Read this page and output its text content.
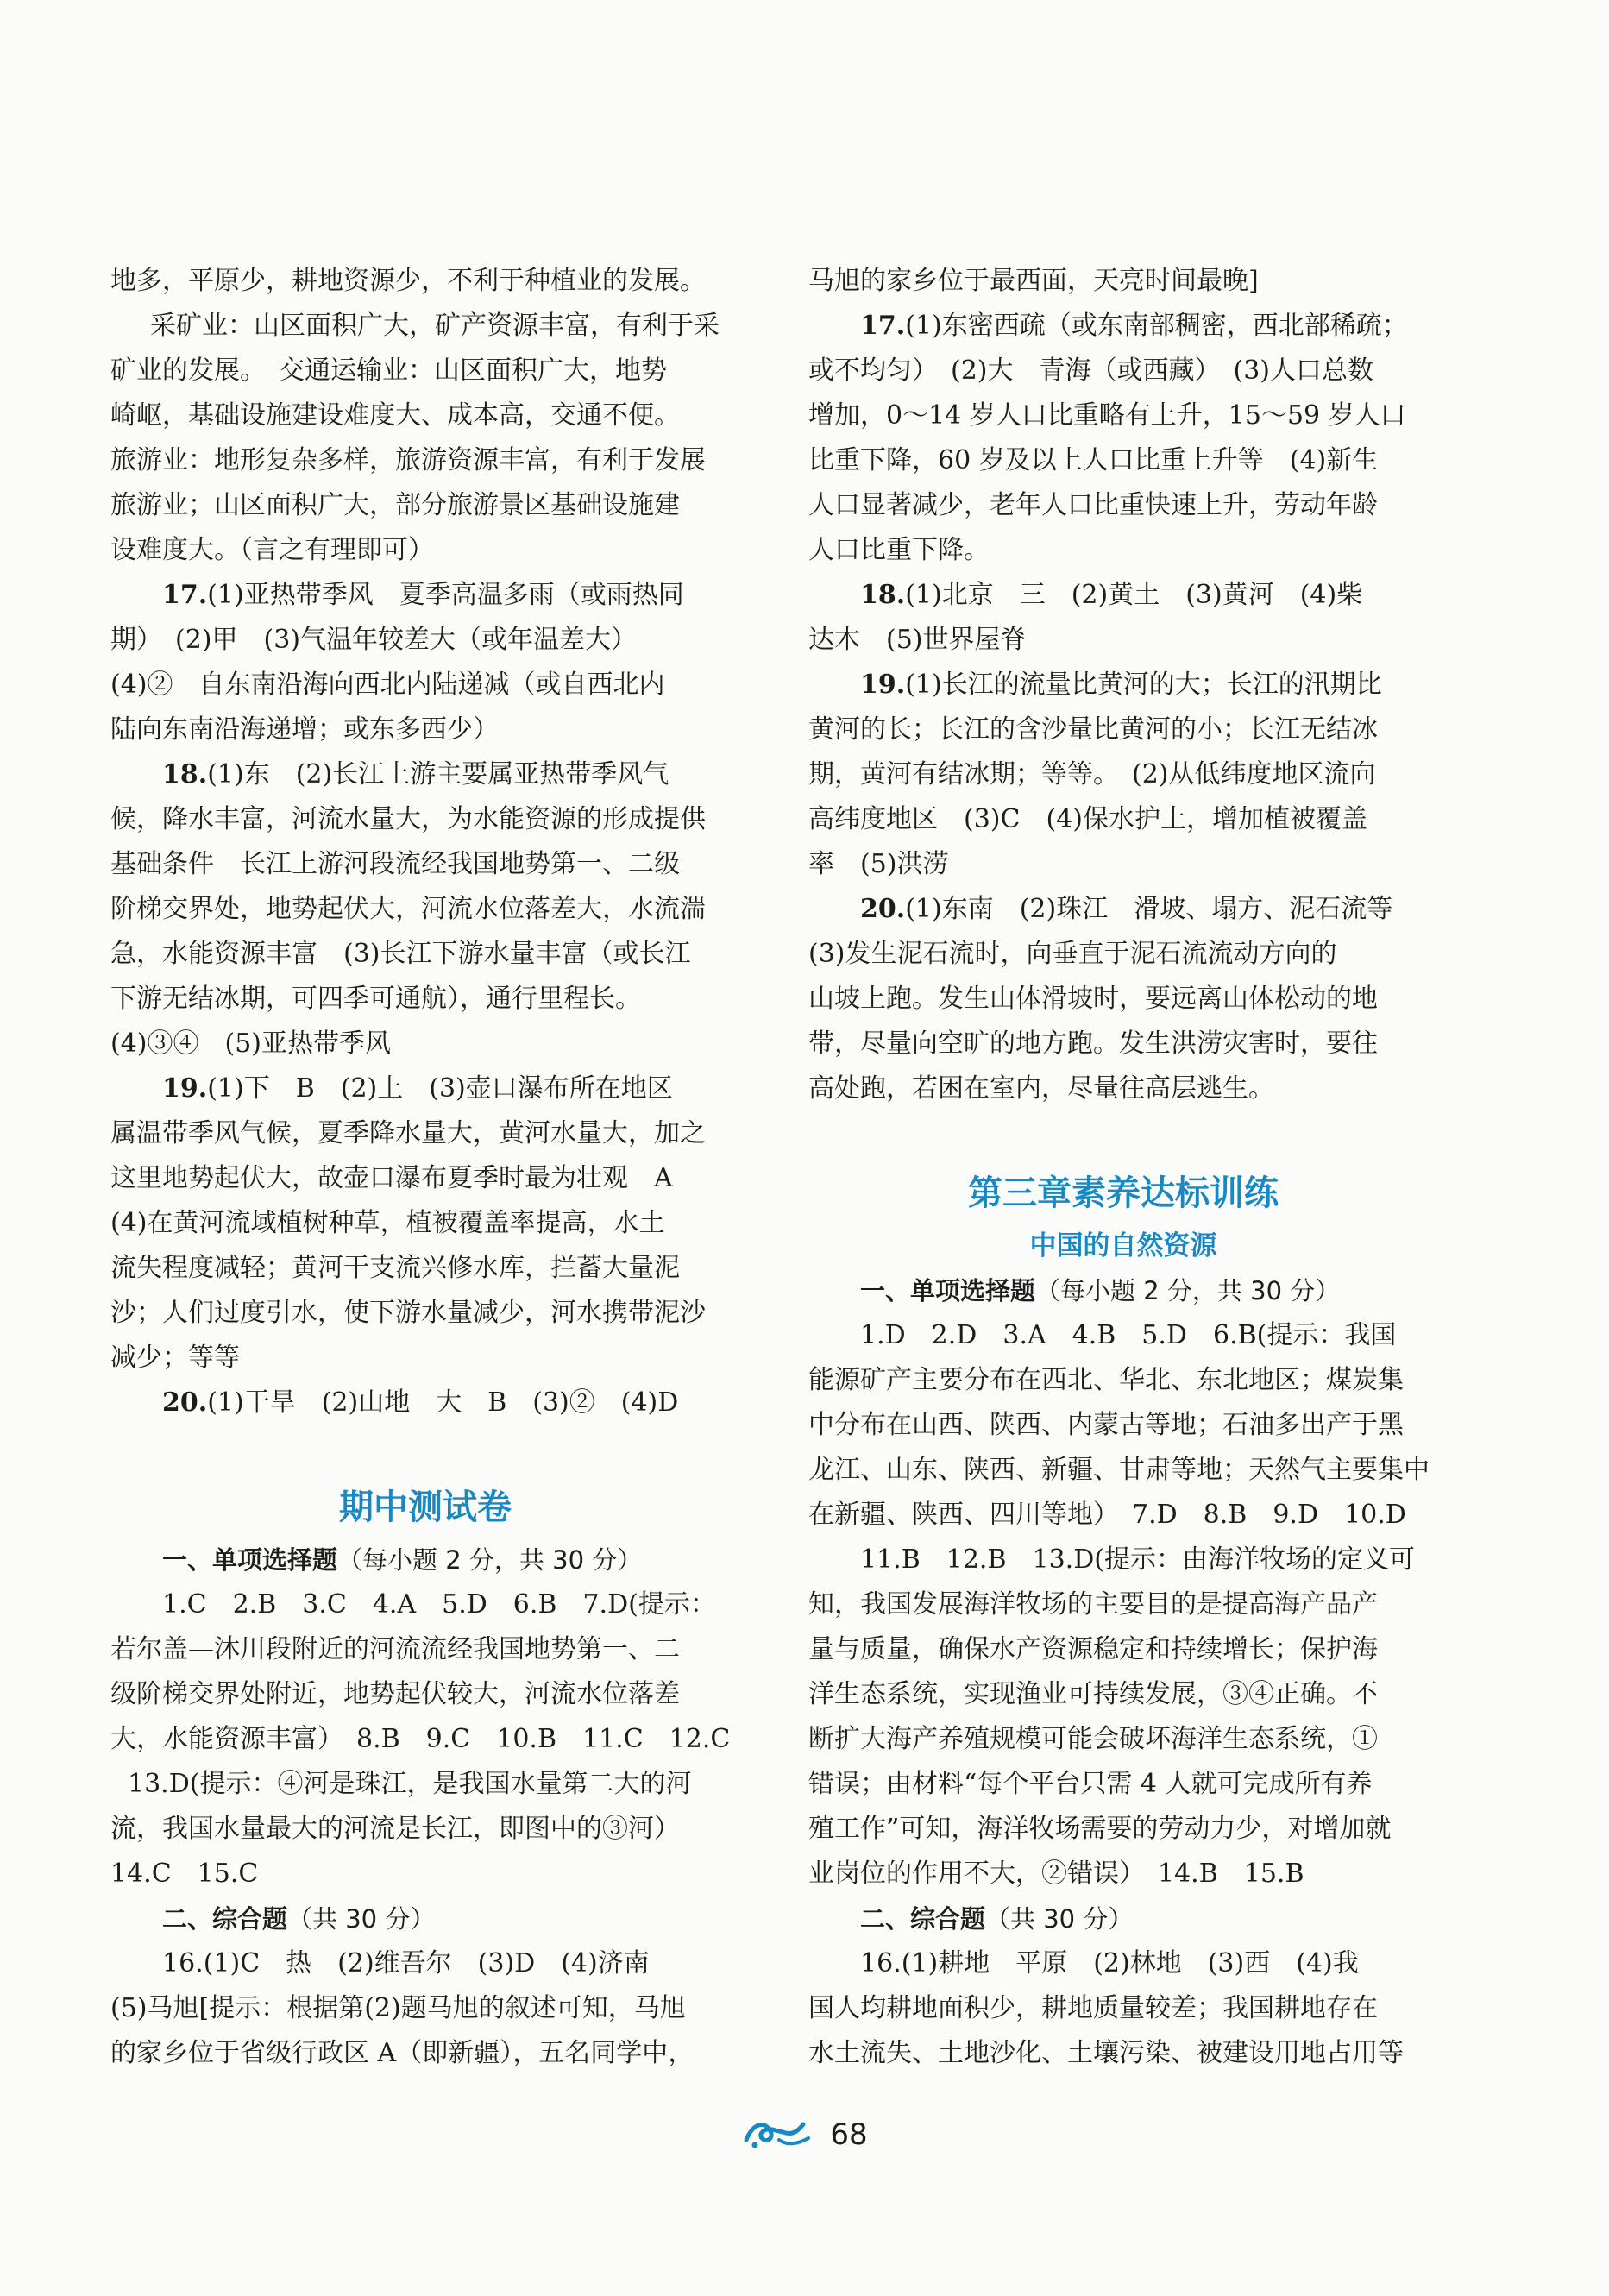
地多，平原少，耕地资源少，不利于种植业的发展。
采矿业：山区面积广大，矿产资源丰富，有利于采
矿业的发展。　交通运输业：山区面积广大，地势
崎岖，基础设施建设难度大、成本高，交通不便。
旅游业：地形复杂多样，旅游资源丰富，有利于发展
旅游业；山区面积广大，部分旅游景区基础设施建
设难度大。（言之有理即可）
17.(1)亚热带季风　夏季高温多雨（或雨热同
期）　(2)甲　(3)气温年较差大（或年温差大）
(4)②　自东南沿海向西北内陆递减（或自西北内
陆向东南沿海递增；或东多西少）
18.(1)东　(2)长江上游主要属亚热带季风气
候，降水丰富，河流水量大，为水能资源的形成提供
基础条件　长江上游河段流经我国地势第一、二级
阶梯交界处，地势起伏大，河流水位落差大，水流湍
急，水能资源丰富　(3)长江下游水量丰富（或长江
下游无结冰期，可四季可通航），通行里程长。
(4)③④　(5)亚热带季风
19.(1)下　B　(2)上　(3)壶口瀑布所在地区
属温带季风气候，夏季降水量大，黄河水量大，加之
这里地势起伏大，故壶口瀑布夏季时最为壮观　A
(4)在黄河流域植树种草，植被覆盖率提高，水土
流失程度减轻；黄河干支流兴修水库，拦蓄大量泥
沙；人们过度引水，使下游水量减少，河水携带泥沙
减少；等等
20.(1)干旱　(2)山地　大　B　(3)②　(4)D
期中测试卷
一、单项选择题（每小题 2 分，共 30 分）
1.C　2.B　3.C　4.A　5.D　6.B　7.D(提示：
若尔盖—沐川段附近的河流流经我国地势第一、二
级阶梯交界处附近，地势起伏较大，河流水位落差
大，水能资源丰富）　8.B　9.C　10.B　11.C　12.C
13.D(提示：④河是珠江，是我国水量第二大的河
流，我国水量最大的河流是长江，即图中的③河）
14.C　15.C
二、综合题（共 30 分）
16.(1)C　热　(2)维吾尔　(3)D　(4)济南
(5)马旭[提示：根据第(2)题马旭的叙述可知，马旭
的家乡位于省级行政区 A（即新疆），五名同学中，
马旭的家乡位于最西面，天亮时间最晚]
17.(1)东密西疏（或东南部稠密，西北部稀疏；
或不均匀）　(2)大　青海（或西藏）　(3)人口总数
增加，0～14 岁人口比重略有上升，15～59 岁人口
比重下降，60 岁及以上人口比重上升等　(4)新生
人口显著减少，老年人口比重快速上升，劳动年龄
人口比重下降。
18.(1)北京　三　(2)黄土　(3)黄河　(4)柴
达木　(5)世界屋脊
19.(1)长江的流量比黄河的大；长江的汛期比
黄河的长；长江的含沙量比黄河的小；长江无结冰
期，黄河有结冰期；等等。　(2)从低纬度地区流向
高纬度地区　(3)C　(4)保水护土，增加植被覆盖
率　(5)洪涝
20.(1)东南　(2)珠江　滑坡、塌方、泥石流等
(3)发生泥石流时，向垂直于泥石流流动方向的
山坡上跑。发生山体滑坡时，要远离山体松动的地
带，尽量向空旷的地方跑。发生洪涝灾害时，要往
高处跑，若困在室内，尽量往高层逃生。
第三章素养达标训练
中国的自然资源
一、单项选择题（每小题 2 分，共 30 分）
1.D　2.D　3.A　4.B　5.D　6.B(提示：我国
能源矿产主要分布在西北、华北、东北地区；煤炭集
中分布在山西、陕西、内蒙古等地；石油多出产于黑
龙江、山东、陕西、新疆、甘肃等地；天然气主要集中
在新疆、陕西、四川等地）　7.D　8.B　9.D　10.D
11.B　12.B　13.D(提示：由海洋牧场的定义可
知，我国发展海洋牧场的主要目的是提高海产品产
量与质量，确保水产资源稳定和持续增长；保护海
洋生态系统，实现渔业可持续发展，③④正确。不
断扩大海产养殖规模可能会破坏海洋生态系统，①
错误；由材料“每个平台只需 4 人就可完成所有养
殖工作”可知，海洋牧场需要的劳动力少，对增加就
业岗位的作用不大，②错误）　14.B　15.B
二、综合题（共 30 分）
16.(1)耕地　平原　(2)林地　(3)西　(4)我
国人均耕地面积少，耕地质量较差；我国耕地存在
水土流失、土地沙化、土壤污染、被建设用地占用等
68
